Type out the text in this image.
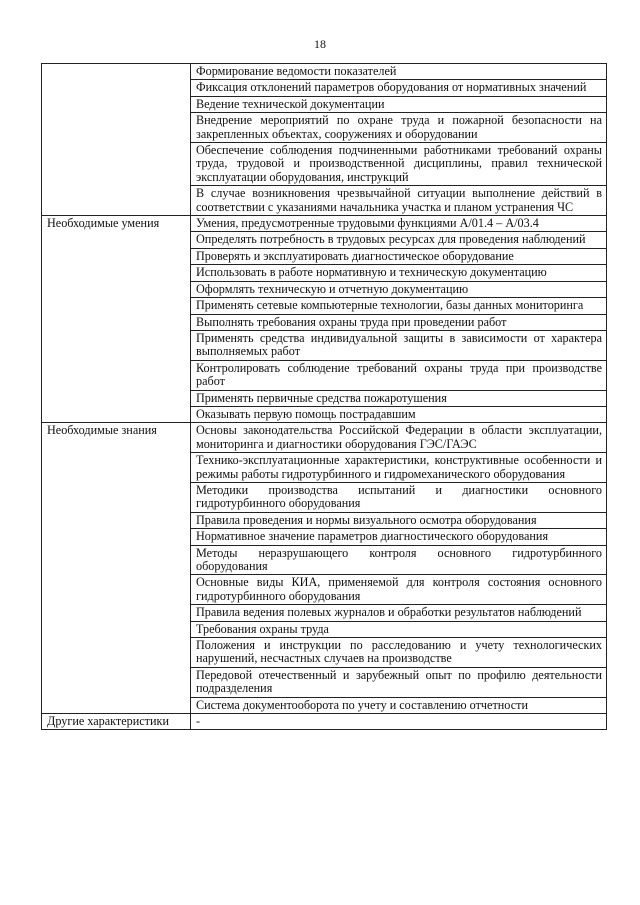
18
	Формирование ведомости показателей
	Фиксация отклонений параметров оборудования от нормативных значений
	Ведение технической документации
	Внедрение мероприятий по охране труда и пожарной безопасности на закрепленных объектах, сооружениях и оборудовании
	Обеспечение соблюдения подчиненными работниками требований охраны труда, трудовой и производственной дисциплины, правил технической эксплуатации оборудования, инструкций
	В случае возникновения чрезвычайной ситуации выполнение действий в соответствии с указаниями начальника участка и планом устранения ЧС
Необходимые умения	Умения, предусмотренные трудовыми функциями А/01.4 – А/03.4
	Определять потребность в трудовых ресурсах для проведения наблюдений
	Проверять и эксплуатировать диагностическое оборудование
	Использовать в работе нормативную и техническую документацию
	Оформлять техническую и отчетную документацию
	Применять сетевые компьютерные технологии, базы данных мониторинга
	Выполнять требования охраны труда при проведении работ
	Применять средства индивидуальной защиты в зависимости от характера выполняемых работ
	Контролировать соблюдение требований охраны труда при производстве работ
	Применять первичные средства пожаротушения
	Оказывать первую помощь пострадавшим
Необходимые знания	Основы законодательства Российской Федерации в области эксплуатации, мониторинга и диагностики оборудования ГЭС/ГАЭС
	Технико-эксплуатационные характеристики, конструктивные особенности и режимы работы гидротурбинного и гидромеханического оборудования
	Методики производства испытаний и диагностики основного гидротурбинного оборудования
	Правила проведения и нормы визуального осмотра оборудования
	Нормативное значение параметров диагностического оборудования
	Методы неразрушающего контроля основного гидротурбинного оборудования
	Основные виды КИА, применяемой для контроля состояния основного гидротурбинного оборудования
	Правила ведения полевых журналов и обработки результатов наблюдений
	Требования охраны труда
	Положения и инструкции по расследованию и учету технологических нарушений, несчастных случаев на производстве
	Передовой отечественный и зарубежный опыт по профилю деятельности подразделения
	Система документооборота по учету и составлению отчетности
Другие характеристики	-
